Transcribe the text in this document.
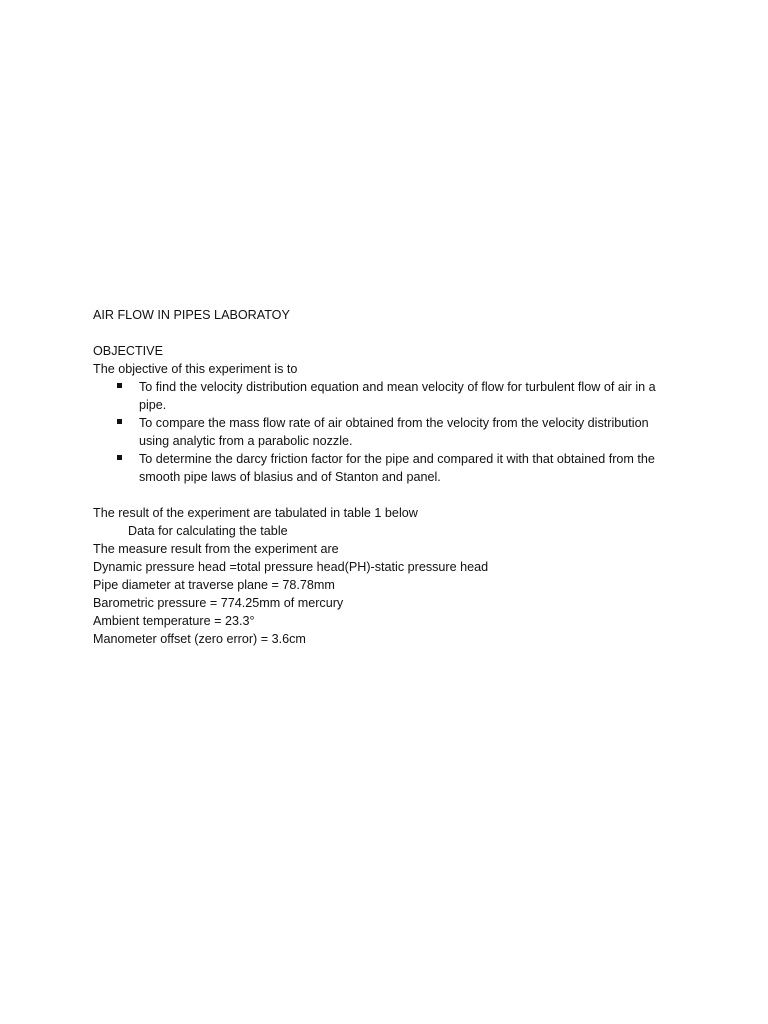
AIR FLOW IN PIPES LABORATOY

OBJECTIVE

The objective of this experiment is to

To find the velocity distribution equation and mean velocity of flow for turbulent flow of air in a pipe.
To compare the mass flow rate of air obtained from the velocity from the velocity distribution using analytic from a parabolic nozzle.
To determine the darcy friction factor for the pipe and compared it with that obtained from the smooth pipe laws of blasius and of Stanton and panel.

The result of the experiment are tabulated in table 1 below

Data for calculating the table

The measure result from the experiment are

Dynamic pressure head =total pressure head(PH)-static pressure head

Pipe diameter at traverse plane = 78.78mm

Barometric pressure = 774.25mm of mercury

Ambient temperature = 23.3°

Manometer offset (zero error) = 3.6cm
